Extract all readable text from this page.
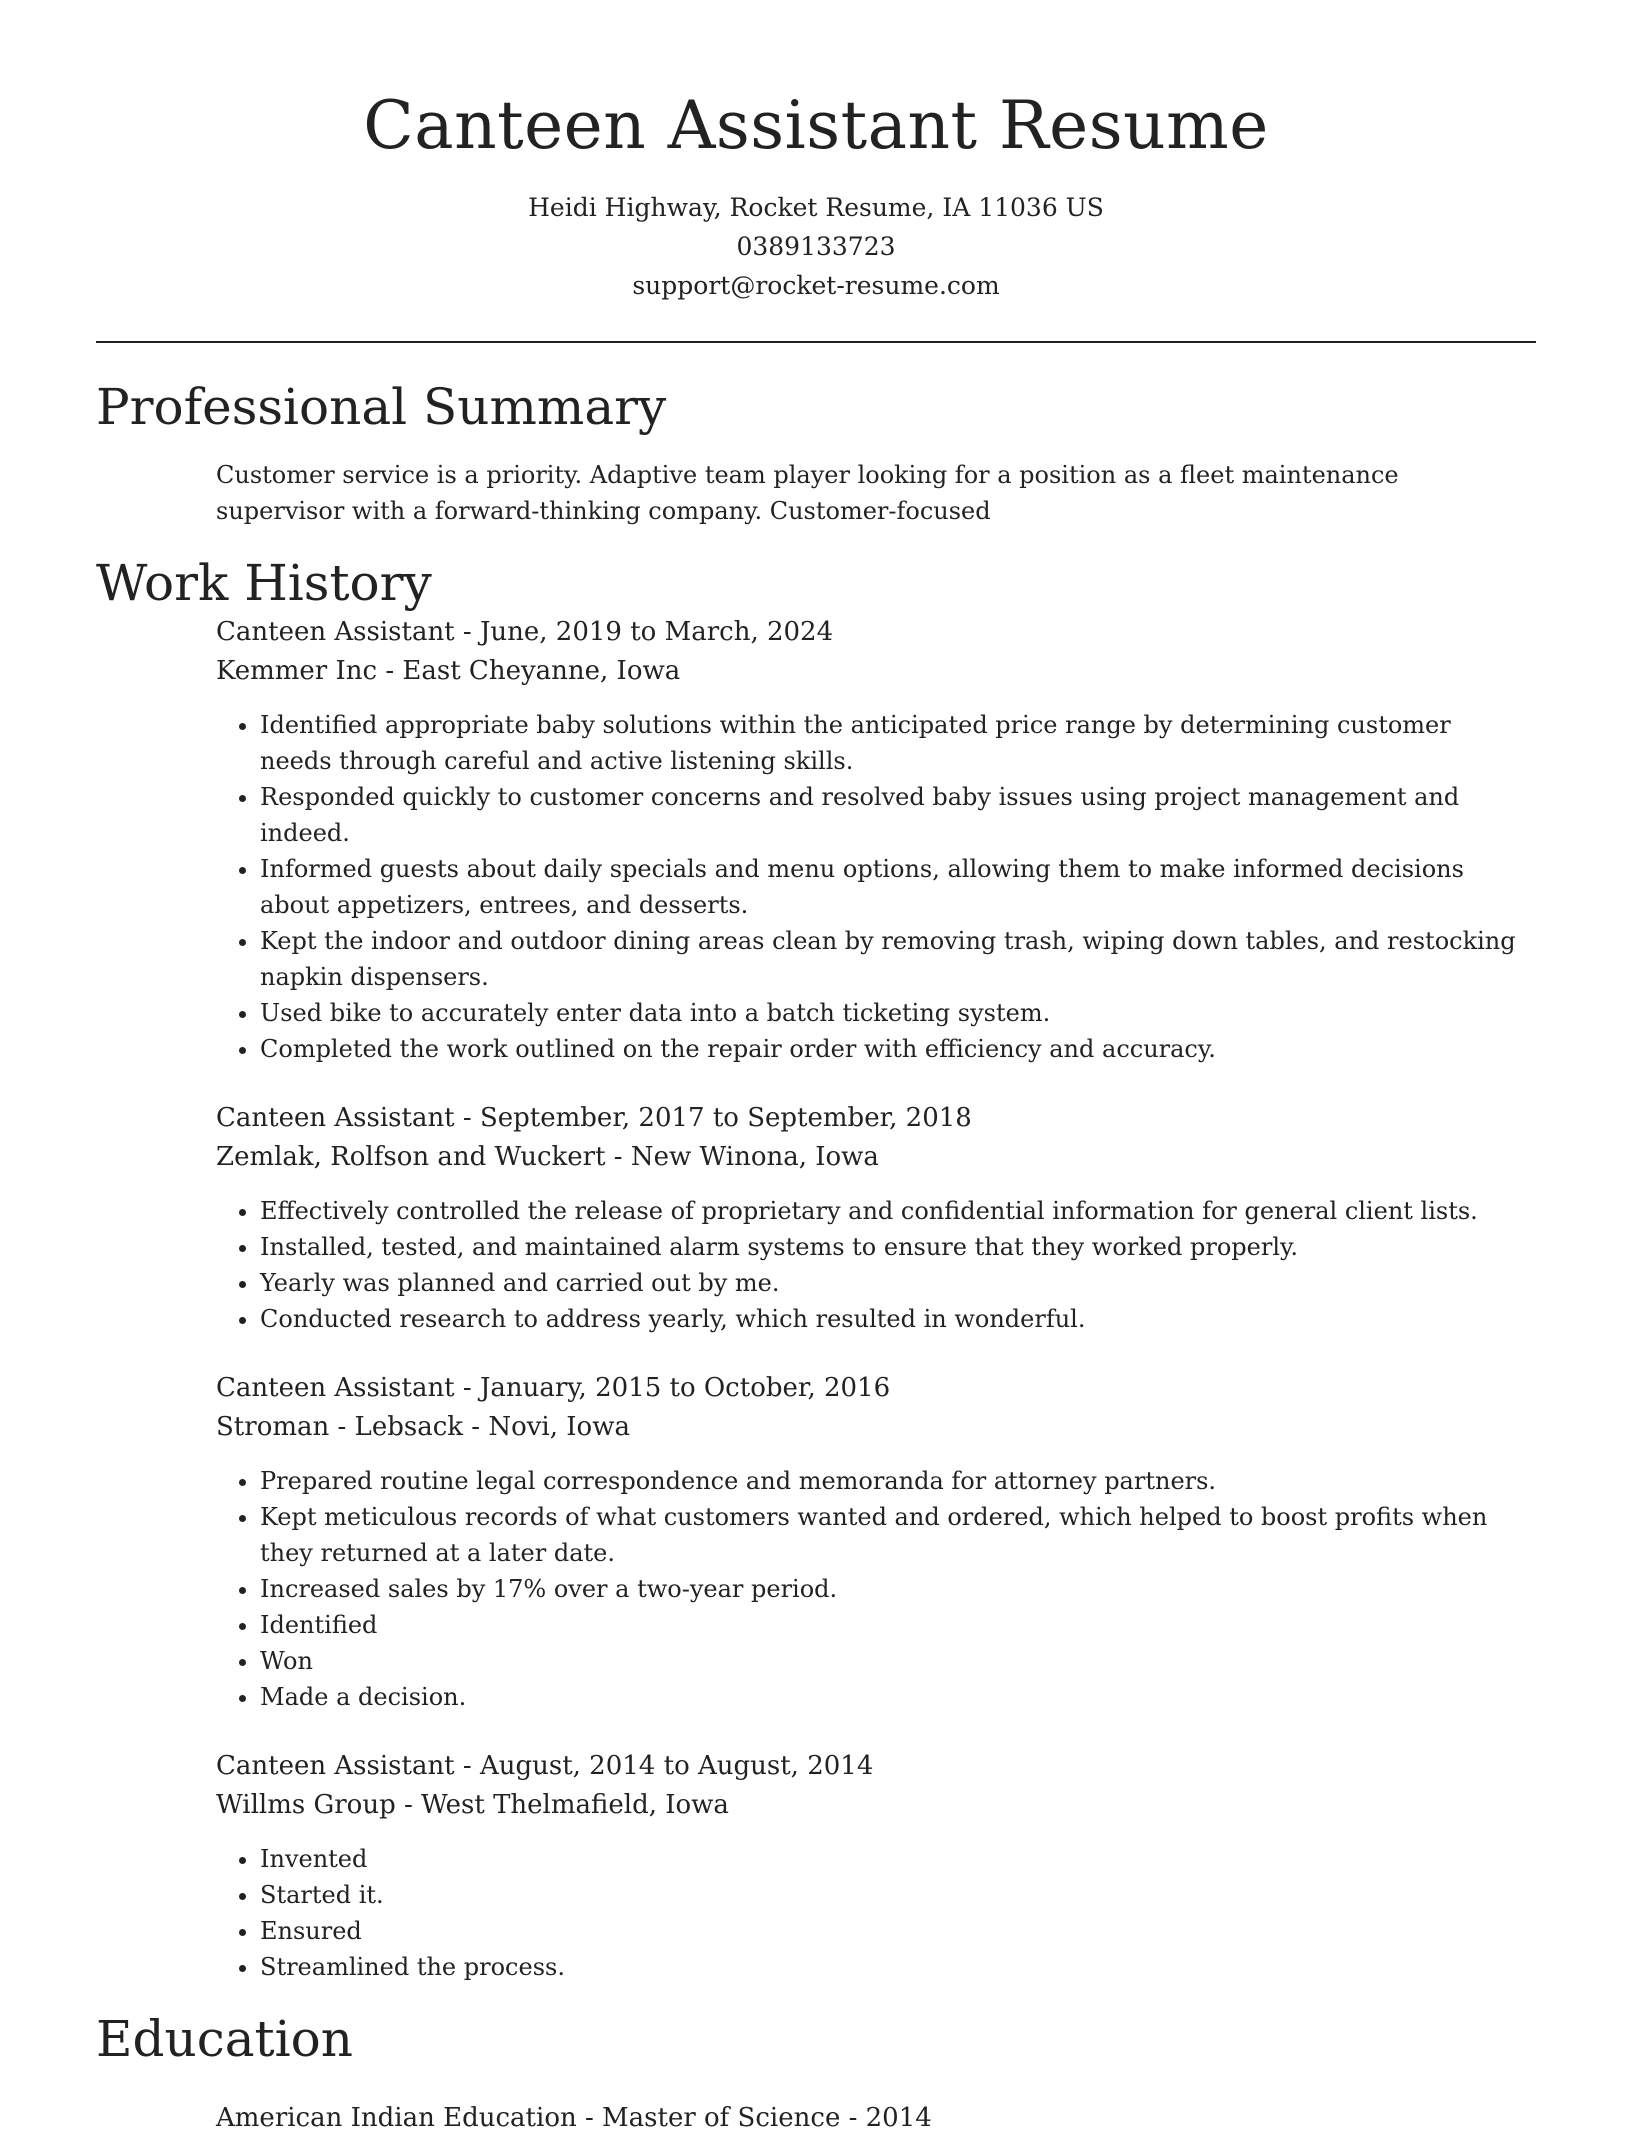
Canteen Assistant Resume
Heidi Highway, Rocket Resume, IA 11036 US
0389133723
support@rocket-resume.com
Professional Summary

Customer service is a priority. Adaptive team player looking for a position as a fleet maintenance supervisor with a forward-thinking company. Customer-focused

Work History
Canteen Assistant - June, 2019 to March, 2024
Kemmer Inc - East Cheyanne, Iowa
• Identified appropriate baby solutions within the anticipated price range by determining customer needs through careful and active listening skills.
• Responded quickly to customer concerns and resolved baby issues using project management and indeed.
• Informed guests about daily specials and menu options, allowing them to make informed decisions about appetizers, entrees, and desserts.
• Kept the indoor and outdoor dining areas clean by removing trash, wiping down tables, and restocking napkin dispensers.
• Used bike to accurately enter data into a batch ticketing system.
• Completed the work outlined on the repair order with efficiency and accuracy.
Canteen Assistant - September, 2017 to September, 2018
Zemlak, Rolfson and Wuckert - New Winona, Iowa
• Effectively controlled the release of proprietary and confidential information for general client lists.
• Installed, tested, and maintained alarm systems to ensure that they worked properly.
• Yearly was planned and carried out by me.
• Conducted research to address yearly, which resulted in wonderful.
Canteen Assistant - January, 2015 to October, 2016
Stroman - Lebsack - Novi, Iowa
• Prepared routine legal correspondence and memoranda for attorney partners.
• Kept meticulous records of what customers wanted and ordered, which helped to boost profits when they returned at a later date.
• Increased sales by 17% over a two-year period.
• Identified
• Won
• Made a decision.
Canteen Assistant - August, 2014 to August, 2014
Willms Group - West Thelmafield, Iowa
• Invented
• Started it.
• Ensured
• Streamlined the process.
Education
American Indian Education - Master of Science - 2014
